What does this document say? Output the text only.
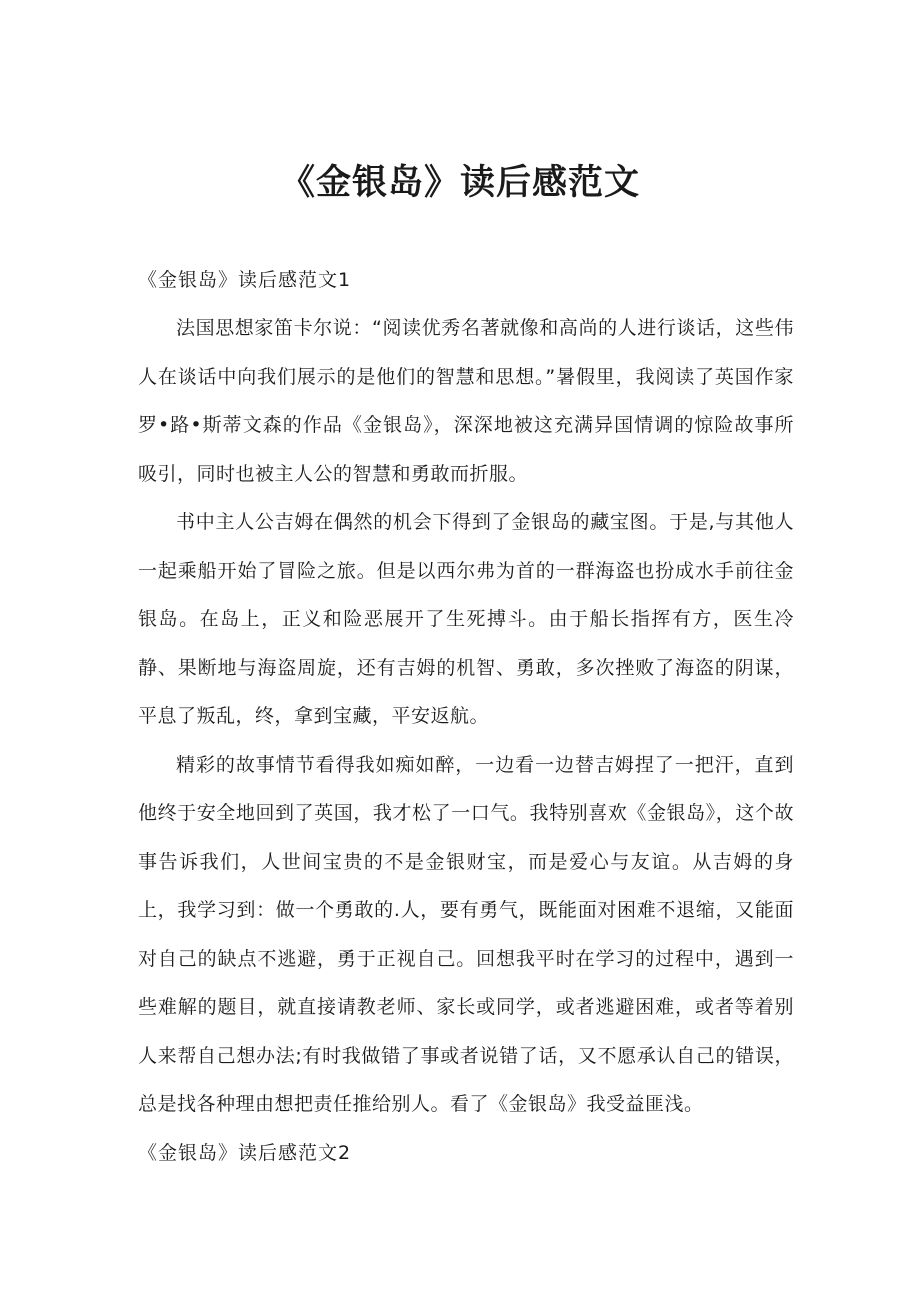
《金银岛》读后感范文

《金银岛》读后感范文1

法国思想家笛卡尔说：“阅读优秀名著就像和高尚的人进行谈话，这些伟人在谈话中向我们展示的是他们的智慧和思想。”暑假里，我阅读了英国作家罗•路•斯蒂文森的作品《金银岛》，深深地被这充满异国情调的惊险故事所吸引，同时也被主人公的智慧和勇敢而折服。

书中主人公吉姆在偶然的机会下得到了金银岛的藏宝图。于是,与其他人一起乘船开始了冒险之旅。但是以西尔弗为首的一群海盗也扮成水手前往金银岛。在岛上，正义和险恶展开了生死搏斗。由于船长指挥有方，医生冷静、果断地与海盗周旋，还有吉姆的机智、勇敢，多次挫败了海盗的阴谋，平息了叛乱，终，拿到宝藏，平安返航。

精彩的故事情节看得我如痴如醉，一边看一边替吉姆捏了一把汗，直到他终于安全地回到了英国，我才松了一口气。我特别喜欢《金银岛》，这个故事告诉我们，人世间宝贵的不是金银财宝，而是爱心与友谊。从吉姆的身上，我学习到：做一个勇敢的.人，要有勇气，既能面对困难不退缩，又能面对自己的缺点不逃避，勇于正视自己。回想我平时在学习的过程中，遇到一些难解的题目，就直接请教老师、家长或同学，或者逃避困难，或者等着别人来帮自己想办法;有时我做错了事或者说错了话，又不愿承认自己的错误，总是找各种理由想把责任推给别人。看了《金银岛》我受益匪浅。

《金银岛》读后感范文2
